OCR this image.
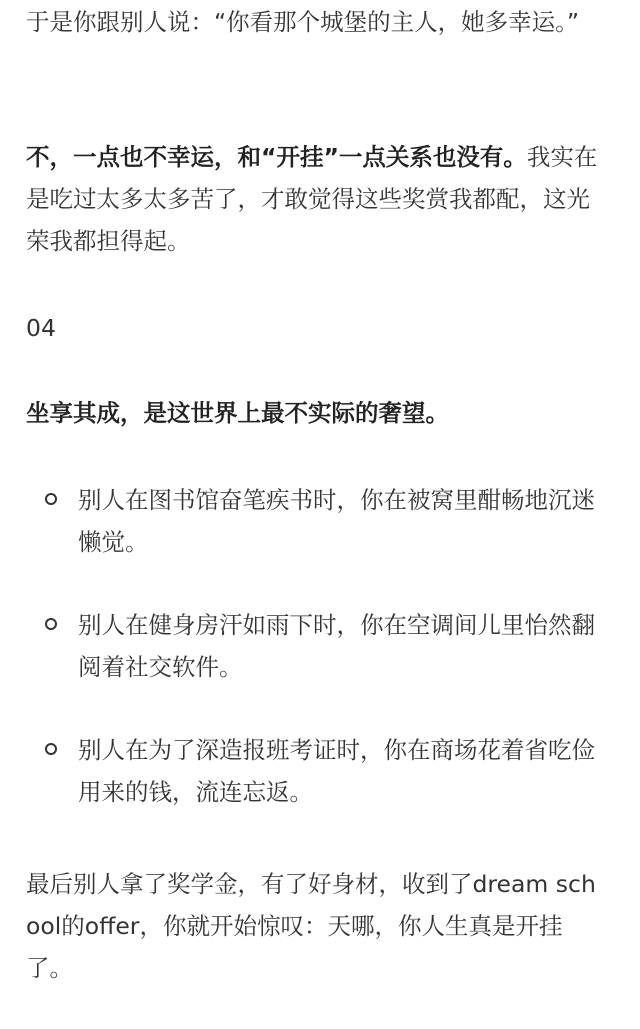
于是你跟别人说：“你看那个城堡的主人，她多幸运。”

不，一点也不幸运，和“开挂”一点关系也没有。我实在是吃过太多太多苦了，才敢觉得这些奖赏我都配，这光荣我都担得起。

04

坐享其成，是这世界上最不实际的奢望。

别人在图书馆奋笔疾书时，你在被窝里酣畅地沉迷懒觉。
别人在健身房汗如雨下时，你在空调间儿里怡然翻阅着社交软件。
别人在为了深造报班考证时，你在商场花着省吃俭用来的钱，流连忘返。

最后别人拿了奖学金，有了好身材，收到了dream school的offer，你就开始惊叹：天哪，你人生真是开挂了。
